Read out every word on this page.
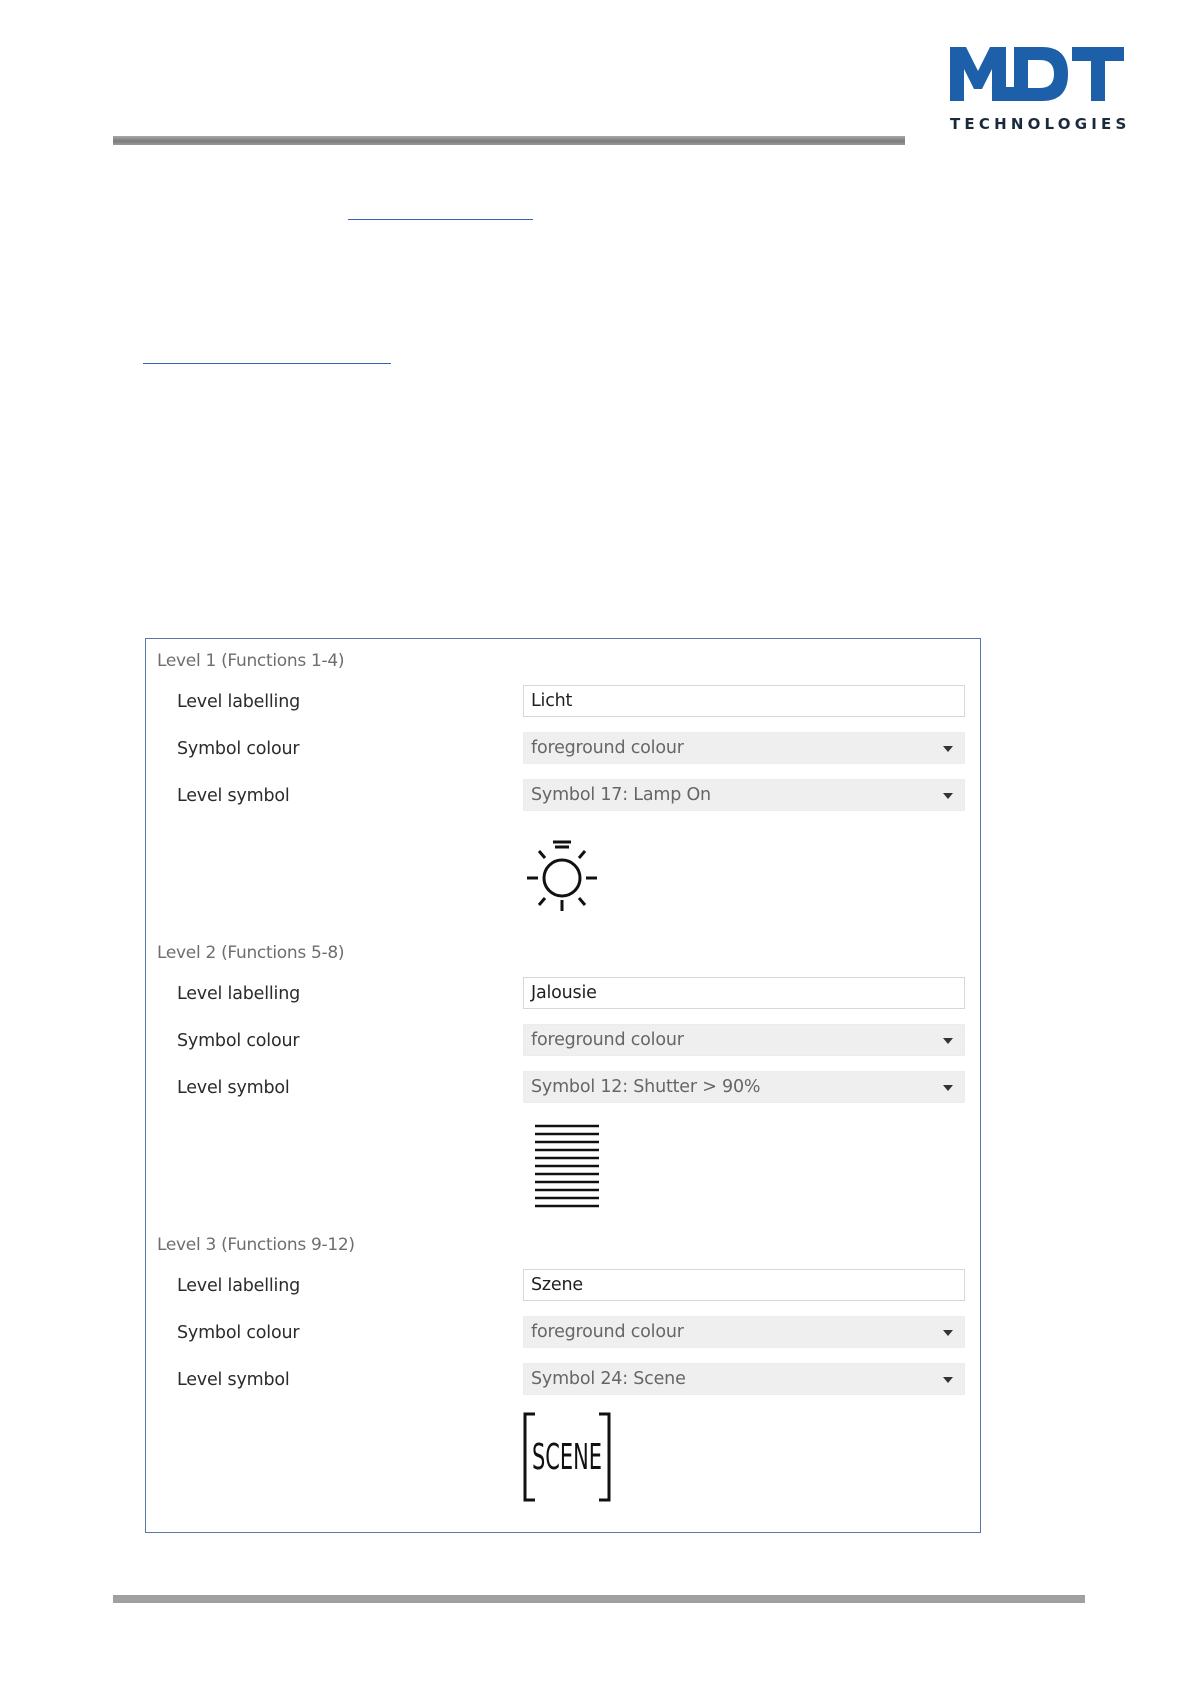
TECHNOLOGIES
Level 1 (Functions 1-4)
Level labelling	Licht
Symbol colour	foreground colour
Level symbol	Symbol 17: Lamp On
Level 2 (Functions 5-8)
Level labelling	Jalousie
Symbol colour	foreground colour
Level symbol	Symbol 12: Shutter > 90%
Level 3 (Functions 9-12)
Level labelling	Szene
Symbol colour	foreground colour
Level symbol	Symbol 24: Scene
SCENE
